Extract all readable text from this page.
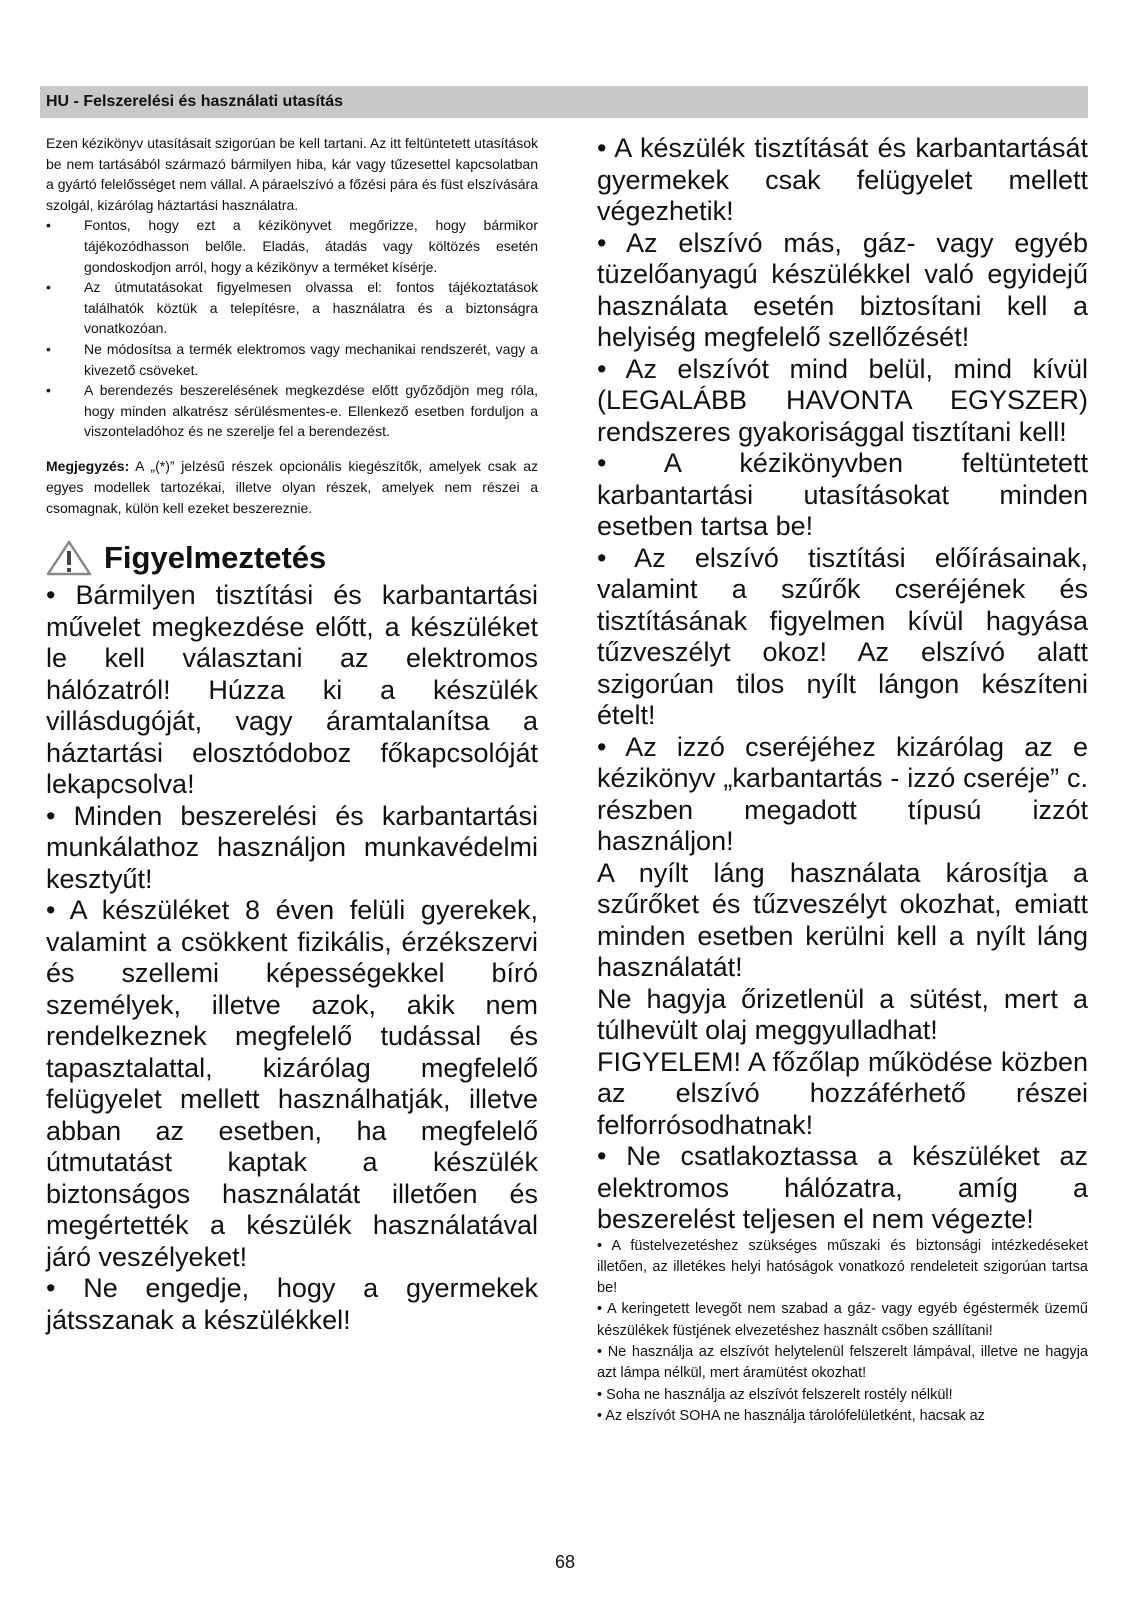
HU - Felszerelési és használati utasítás

Ezen kézikönyv utasításait szigorúan be kell tartani. Az itt feltüntetett utasítások be nem tartásából származó bármilyen hiba, kár vagy tűzesettel kapcsolatban a gyártó felelősséget nem vállal. A páraelszívó a főzési pára és füst elszívására szolgál, kizárólag háztartási használatra.

• Fontos, hogy ezt a kézikönyvet megőrizze, hogy bármikor tájékozódhasson belőle. Eladás, átadás vagy költözés esetén gondoskodjon arról, hogy a kézikönyv a terméket kísérje.
• Az útmutatásokat figyelmesen olvassa el: fontos tájékoztatások találhatók köztük a telepítésre, a használatra és a biztonságra vonatkozóan.
• Ne módosítsa a termék elektromos vagy mechanikai rendszerét, vagy a kivezető csöveket.
• A berendezés beszerelésének megkezdése előtt győződjön meg róla, hogy minden alkatrész sérülésmentes-e. Ellenkező esetben forduljon a viszonteladóhoz és ne szerelje fel a berendezést.

Megjegyzés: A „(*)” jelzésű részek opcionális kiegészítők, amelyek csak az egyes modellek tartozékai, illetve olyan részek, amelyek nem részei a csomagnak, külön kell ezeket beszereznie.

Figyelmeztetés

• Bármilyen tisztítási és karbantartási művelet megkezdése előtt, a készüléket le kell választani az elektromos hálózatról! Húzza ki a készülék villásdugóját, vagy áramtalanítsa a háztartási elosztódoboz főkapcsolóját lekapcsolva!

• Minden beszerelési és karbantartási munkálathoz használjon munkavédelmi kesztyűt!

• A készüléket 8 éven felüli gyerekek, valamint a csökkent fizikális, érzékszervi és szellemi képességekkel bíró személyek, illetve azok, akik nem rendelkeznek megfelelő tudással és tapasztalattal, kizárólag megfelelő felügyelet mellett használhatják, illetve abban az esetben, ha megfelelő útmutatást kaptak a készülék biztonságos használatát illetően és megértették a készülék használatával járó veszélyeket!

• Ne engedje, hogy a gyermekek játsszanak a készülékkel!

• A készülék tisztítását és karbantartását gyermekek csak felügyelet mellett végezhetik!

• Az elszívó más, gáz- vagy egyéb tüzelőanyagú készülékkel való egyidejű használata esetén biztosítani kell a helyiség megfelelő szellőzését!

• Az elszívót mind belül, mind kívül (LEGALÁBB HAVONTA EGYSZER) rendszeres gyakorisággal tisztítani kell!

• A kézikönyvben feltüntetett karbantartási utasításokat minden esetben tartsa be!

• Az elszívó tisztítási előírásainak, valamint a szűrők cseréjének és tisztításának figyelmen kívül hagyása tűzveszélyt okoz! Az elszívó alatt szigorúan tilos nyílt lángon készíteni ételt!

• Az izzó cseréjéhez kizárólag az e kézikönyv „karbantartás - izzó cseréje” c. részben megadott típusú izzót használjon!

A nyílt láng használata károsítja a szűrőket és tűzveszélyt okozhat, emiatt minden esetben kerülni kell a nyílt láng használatát!

Ne hagyja őrizetlenül a sütést, mert a túlhevült olaj meggyulladhat!

FIGYELEM! A főzőlap működése közben az elszívó hozzáférhető részei felforrósodhatnak!

• Ne csatlakoztassa a készüléket az elektromos hálózatra, amíg a beszerelést teljesen el nem végezte!

• A füstelvezetéshez szükséges műszaki és biztonsági intézkedéseket illetően, az illetékes helyi hatóságok vonatkozó rendeleteit szigorúan tartsa be!

• A keringetett levegőt nem szabad a gáz- vagy egyéb égéstermék üzemű készülékek füstjének elvezetéshez használt csőben szállítani!

• Ne használja az elszívót helytelenül felszerelt lámpával, illetve ne hagyja azt lámpa nélkül, mert áramütést okozhat!

• Soha ne használja az elszívót felszerelt rostély nélkül!

• Az elszívót SOHA ne használja tárolófelületként, hacsak az

68
